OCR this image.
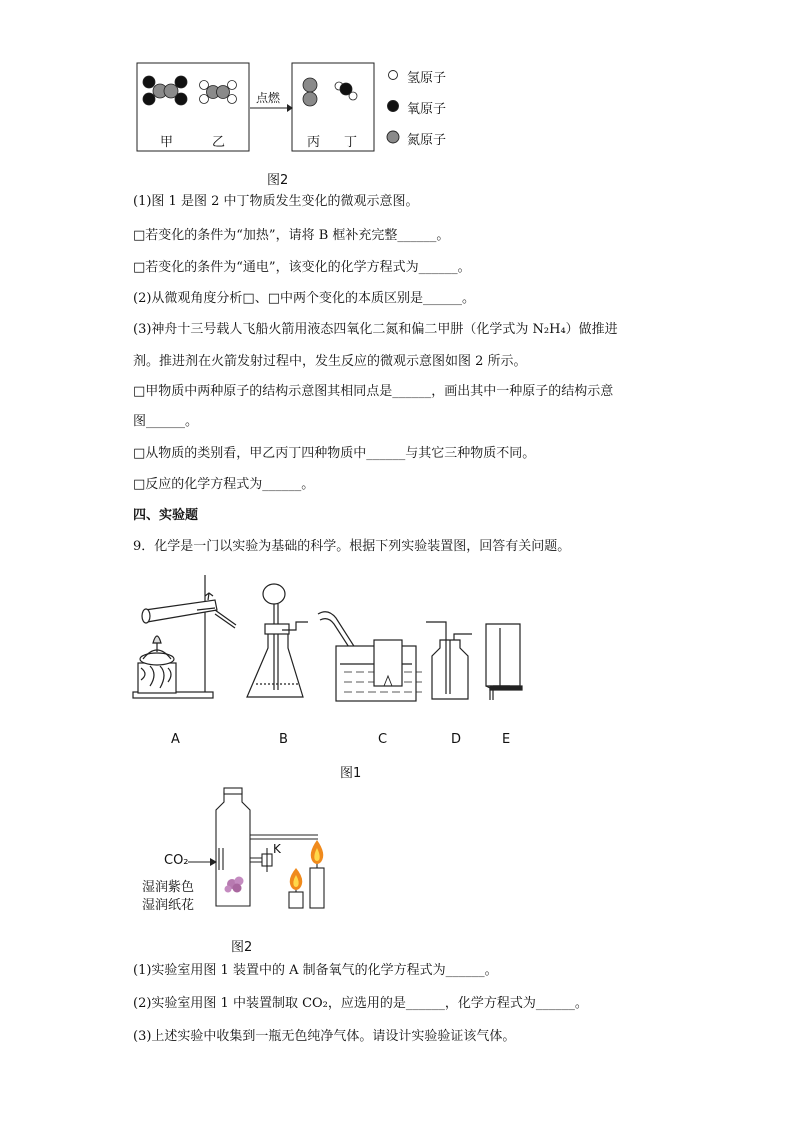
甲	乙
点燃
丙 丁
氢原子
氧原子
氮原子
图2
(1)图 1 是图 2 中丁物质发生变化的微观示意图。
□若变化的条件为“加热”，请将 B 框补充完整______。
□若变化的条件为“通电”，该变化的化学方程式为______。
(2)从微观角度分析□、□中两个变化的本质区别是______。
(3)神舟十三号载人飞船火箭用液态四氧化二氮和偏二甲肼（化学式为 N₂H₄）做推进
剂。推进剂在火箭发射过程中，发生反应的微观示意图如图 2 所示。
□甲物质中两种原子的结构示意图其相同点是______，画出其中一种原子的结构示意
图______。
□从物质的类别看，甲乙丙丁四种物质中______与其它三种物质不同。
□反应的化学方程式为______。
四、实验题
9．化学是一门以实验为基础的科学。根据下列实验装置图，回答有关问题。
A	B	C	D	E
图1
CO₂
湿润紫色
湿润纸花
K
图2
(1)实验室用图 1 装置中的 A 制备氧气的化学方程式为______。
(2)实验室用图 1 中装置制取 CO₂，应选用的是______，化学方程式为______。
(3)上述实验中收集到一瓶无色纯净气体。请设计实验验证该气体。
